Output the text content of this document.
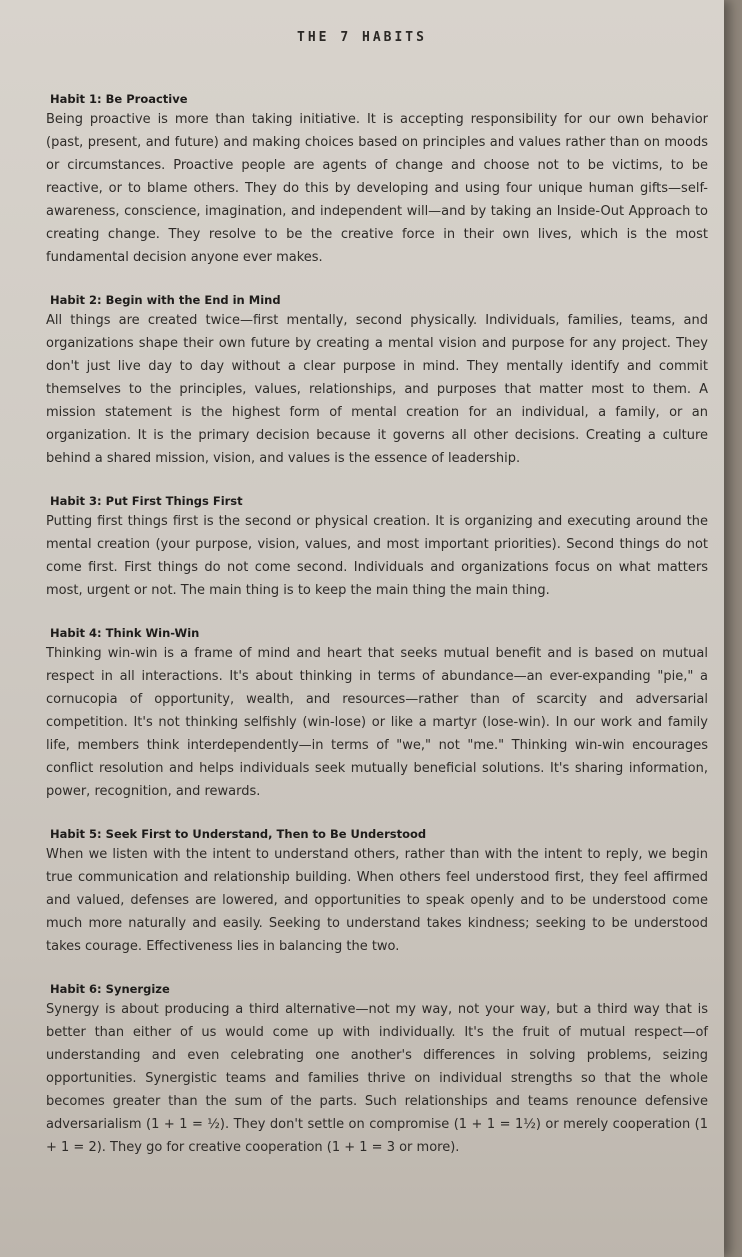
THE 7 HABITS
Habit 1: Be Proactive

Being proactive is more than taking initiative. It is accepting responsibility for our own behavior (past, present, and future) and making choices based on principles and values rather than on moods or circumstances. Proactive people are agents of change and choose not to be victims, to be reactive, or to blame others. They do this by developing and using four unique human gifts—self-awareness, conscience, imagination, and independent will—and by taking an Inside-Out Approach to creating change. They resolve to be the creative force in their own lives, which is the most fundamental decision anyone ever makes.

Habit 2: Begin with the End in Mind

All things are created twice—first mentally, second physically. Individuals, families, teams, and organizations shape their own future by creating a mental vision and purpose for any project. They don't just live day to day without a clear purpose in mind. They mentally identify and commit themselves to the principles, values, relationships, and purposes that matter most to them. A mission statement is the highest form of mental creation for an individual, a family, or an organization. It is the primary decision because it governs all other decisions. Creating a culture behind a shared mission, vision, and values is the essence of leadership.

Habit 3: Put First Things First

Putting first things first is the second or physical creation. It is organizing and executing around the mental creation (your purpose, vision, values, and most important priorities). Second things do not come first. First things do not come second. Individuals and organizations focus on what matters most, urgent or not. The main thing is to keep the main thing the main thing.

Habit 4: Think Win-Win

Thinking win-win is a frame of mind and heart that seeks mutual benefit and is based on mutual respect in all interactions. It's about thinking in terms of abundance—an ever-expanding "pie," a cornucopia of opportunity, wealth, and resources—rather than of scarcity and adversarial competition. It's not thinking selfishly (win-lose) or like a martyr (lose-win). In our work and family life, members think interdependently—in terms of "we," not "me." Thinking win-win encourages conflict resolution and helps individuals seek mutually beneficial solutions. It's sharing information, power, recognition, and rewards.

Habit 5: Seek First to Understand, Then to Be Understood

When we listen with the intent to understand others, rather than with the intent to reply, we begin true communication and relationship building. When others feel understood first, they feel affirmed and valued, defenses are lowered, and opportunities to speak openly and to be understood come much more naturally and easily. Seeking to understand takes kindness; seeking to be understood takes courage. Effectiveness lies in balancing the two.

Habit 6: Synergize

Synergy is about producing a third alternative—not my way, not your way, but a third way that is better than either of us would come up with individually. It's the fruit of mutual respect—of understanding and even celebrating one another's differences in solving problems, seizing opportunities. Synergistic teams and families thrive on individual strengths so that the whole becomes greater than the sum of the parts. Such relationships and teams renounce defensive adversarialism (1 + 1 = ½). They don't settle on compromise (1 + 1 = 1½) or merely cooperation (1 + 1 = 2). They go for creative cooperation (1 + 1 = 3 or more).
